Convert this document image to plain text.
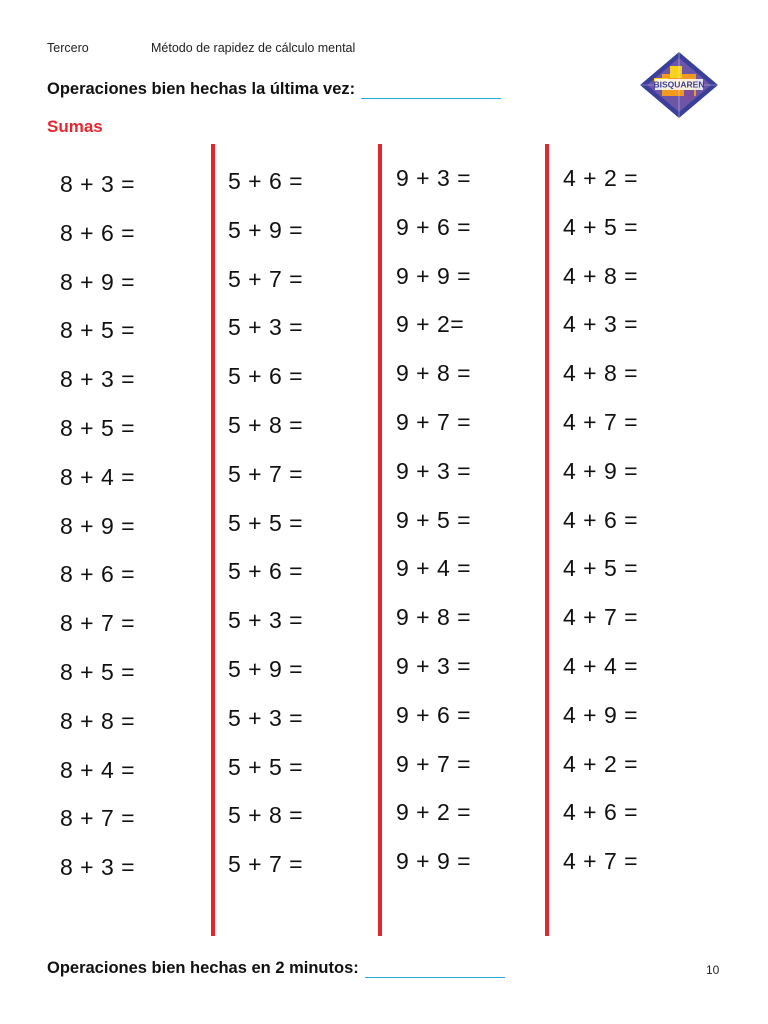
Tercero	Método de rapidez de cálculo mental
BISQUAREN
Operaciones bien hechas la última vez:
Sumas
8 + 3 =
8 + 6 =
8 + 9 =
8 + 5 =
8 + 3 =
8 + 5 =
8 + 4 =
8 + 9 =
8 + 6 =
8 + 7 =
8 + 5 =
8 + 8 =
8 + 4 =
8 + 7 =
8 + 3 =
5 + 6 =
5 + 9 =
5 + 7 =
5 + 3 =
5 + 6 =
5 + 8 =
5 + 7 =
5 + 5 =
5 + 6 =
5 + 3 =
5 + 9 =
5 + 3 =
5 + 5 =
5 + 8 =
5 + 7 =
9 + 3 =
9 + 6 =
9 + 9 =
9 + 2=
9 + 8 =
9 + 7 =
9 + 3 =
9 + 5 =
9 + 4 =
9 + 8 =
9 + 3 =
9 + 6 =
9 + 7 =
9 + 2 =
9 + 9 =
4 + 2 =
4 + 5 =
4 + 8 =
4 + 3 =
4 + 8 =
4 + 7 =
4 + 9 =
4 + 6 =
4 + 5 =
4 + 7 =
4 + 4 =
4 + 9 =
4 + 2 =
4 + 6 =
4 + 7 =
Operaciones bien hechas en 2 minutos:	10
